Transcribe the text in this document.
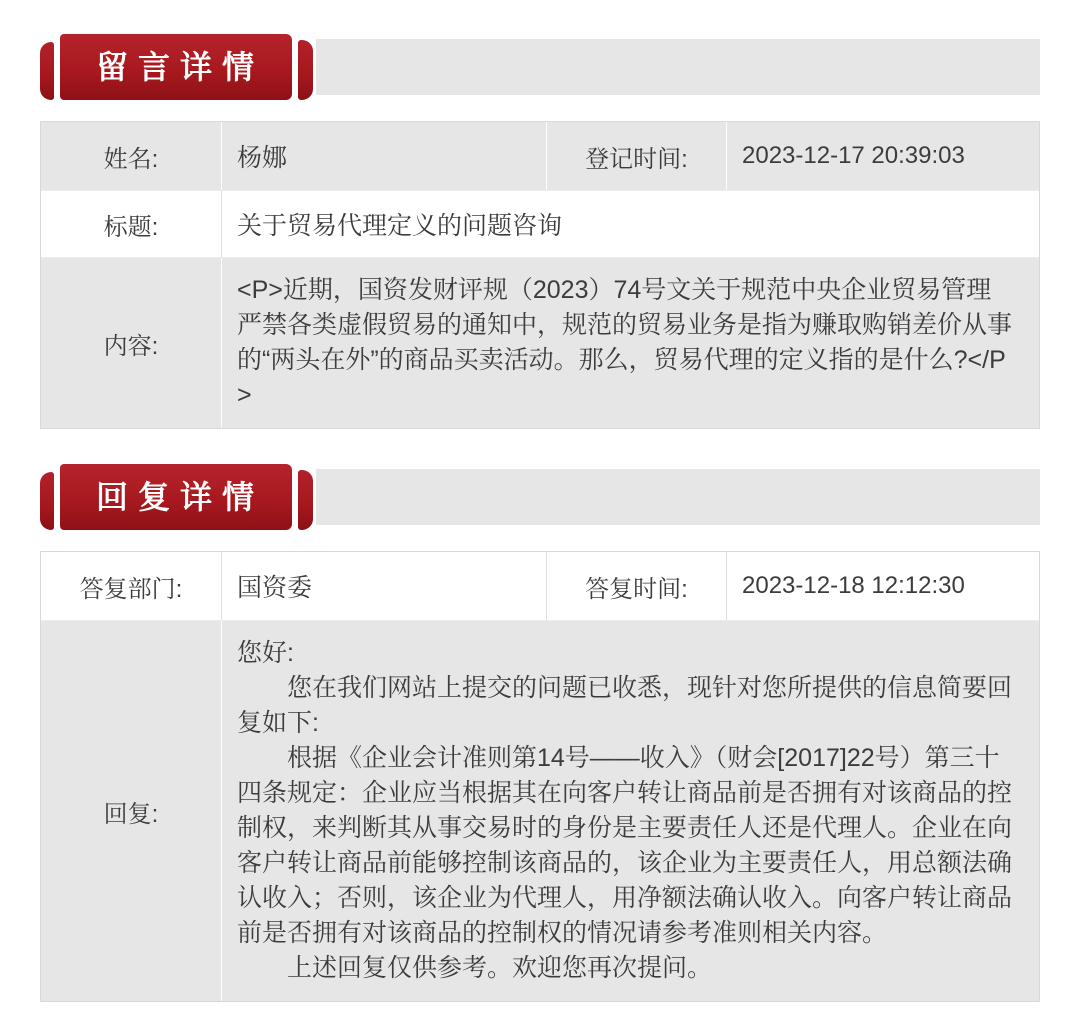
留言详情
姓名:	杨娜	登记时间:	2023-12-17 20:39:03
标题:	关于贸易代理定义的问题咨询
内容:

<P>近期，国资发财评规（2023）74号文关于规范中央企业贸易管理严禁各类虚假贸易的通知中，规范的贸易业务是指为赚取购销差价从事的“两头在外”的商品买卖活动。那么，贸易代理的定义指的是什么?</P>

回复详情
答复部门:	国资委	答复时间:	2023-12-18 12:12:30
回复:

您好:

您在我们网站上提交的问题已收悉，现针对您所提供的信息简要回复如下:

根据《企业会计准则第14号——收入》（财会[2017]22号）第三十四条规定：企业应当根据其在向客户转让商品前是否拥有对该商品的控制权，来判断其从事交易时的身份是主要责任人还是代理人。企业在向客户转让商品前能够控制该商品的，该企业为主要责任人，用总额法确认收入；否则，该企业为代理人，用净额法确认收入。向客户转让商品前是否拥有对该商品的控制权的情况请参考准则相关内容。

上述回复仅供参考。欢迎您再次提问。
